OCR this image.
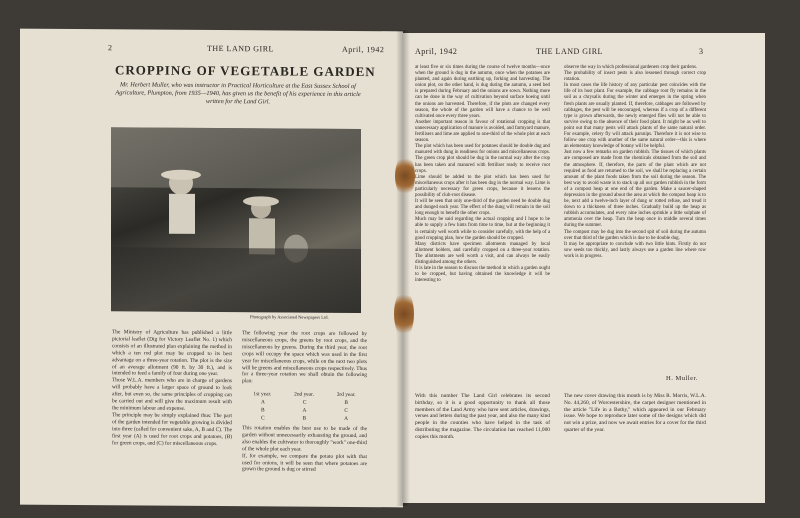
2	THE LAND GIRL	April, 1942
CROPPING OF VEGETABLE GARDEN
Mr. Herbert Muller, who was instructor in Practical Horticulture at the East Sussex School of Agriculture, Plumpton, from 1935—1940, has given us the benefit of his experience in this article written for the Land Girl.
Photograph by Associated Newspapers Ltd.
The Ministry of Agriculture has published a little pictorial leaflet (Dig for Victory Leaflet No. 1) which consists of an illustrated plan explaining the method in which a ten rod plot may be cropped to its best advantage on a three-year rotation. The plot is the size of an average allotment (90 ft. by 30 ft.), and is intended to feed a family of four during one year.
Those W.L.A. members who are in charge of gardens will probably have a larger space of ground to look after, but even so, the same principles of cropping can be carried out and will give the maximum result with the minimum labour and expense.
The principle may be simply explained thus: The part of the garden intended for vegetable growing is divided into three (called for convenient sake, A, B and C). The first year (A) is used for root crops and potatoes, (B) for green crops, and (C) for miscellaneous crops.
The following year the root crops are followed by miscellaneous crops, the greens by root crops, and the miscellaneous by greens. During the third year, the root crops will occupy the space which was used in the first year for miscellaneous crops, while on the next two plots will be greens and miscellaneous crops respectively. Thus for a three-year rotation we shall obtain the following plan:
1st year.	2nd year.	3rd year.
A	C	B
B	A	C
C	B	A
This rotation enables the best use to be made of the garden without unnecessarily exhausting the ground, and also enables the cultivator to thoroughly "work" one-third of the whole plot each year.
If, for example, we compare the potato plot with that used for onions, it will be seen that where potatoes are grown the ground is dug or stirred
April, 1942	THE LAND GIRL	3
at least five or six times during the course of twelve months—once when the ground is dug in the autumn, once when the potatoes are planted, and again during earthing up, forking and harvesting. The onion plot, on the other hand, is dug during the autumn, a seed bed is prepared during February and the onions are sown. Nothing more can be done in the way of cultivation beyond surface hoeing until the onions are harvested. Therefore, if the plots are changed every season, the whole of the garden will have a chance to be well cultivated once every three years.
Another important reason in favour of rotational cropping is that unnecessary application of manure is avoided, and farmyard manure, fertilisers and lime are applied to one-third of the whole plot at each season.
The plot which has been used for potatoes should be double dug and manured with dung in readiness for onions and miscellaneous crops. The green crop plot should be dug in the normal way after the crop has been taken and manured with fertiliser ready to receive root crops.
Lime should be added to the plot which has been used for miscellaneous crops after it has been dug in the normal way. Lime is particularly necessary for green crops, because it lessens the possibility of club-root disease.
It will be seen that only one-third of the garden need be double dug and dunged each year. The effect of the dung will remain in the soil long enough to benefit the other crops.
Much may be said regarding the actual cropping and I hope to be able to supply a few hints from time to time, but at the beginning it is certainly well worth while to consider carefully, with the help of a good cropping plan, how the garden should be cropped.
Many districts have specimen allotments managed by local allotment holders, and carefully cropped on a three-year rotation. The allotments are well worth a visit, and can always be easily distinguished among the others.
It is late in the season to discuss the method in which a garden ought to be cropped, but having obtained the knowledge it will be interesting to
observe the way in which professional gardeners crop their gardens.
The probability of insect pests is also lessened through correct crop rotation.
In most cases the life history of any particular pest coincides with the life of its host plant. For example, the cabbage root fly remains in the soil as a chrysalis during the winter and emerges in the spring when fresh plants are usually planted. If, therefore, cabbages are followed by cabbages, the pest will be encouraged, whereas if a crop of a different type is grown afterwards, the newly emerged flies will not be able to survive owing to the absence of their food plant. It might be as well to point out that many pests will attack plants of the same natural order. For example, celery fly will attack parsnips. Therefore it is not wise to follow one crop with another of the same natural order—this is where an elementary knowledge of botany will be helpful.
Just now a few remarks on garden rubbish. The tissues of which plants are composed are made from the chemicals obtained from the soil and the atmosphere. If, therefore, the parts of the plant which are not required as food are returned to the soil, we shall be replacing a certain amount of the plant foods taken from the soil during the season. The best way to avoid waste is to stack up all our garden rubbish in the form of a compost heap at one end of the garden. Make a saucer-shaped depression in the ground about the area at which the compost heap is to be, next add a twelve-inch layer of dung or rotted refuse, and tread it down to a thickness of three inches. Gradually build up the heap as rubbish accumulates, and every nine inches sprinkle a little sulphate of ammonia over the heap. Turn the heap once in middle several times during the summer.
The compost may be dug into the second spit of soil during the autumn over that third of the garden which is due to be double dug.
It may be appropriate to conclude with two little hints. Firstly do not sow seeds too thickly, and lastly always use a garden line where row work is in progress.
H. Muller.
With this number The Land Girl celebrates its second birthday, so it is a good opportunity to thank all those members of the Land Army who have sent articles, drawings, verses and letters during the past year, and also the many kind people in the counties who have helped in the task of distributing the magazine. The circulation has reached 11,000 copies this month.
The new cover drawing this month is by Miss R. Morris, W.L.A. No. 44,260, of Worcestershire, the carpet designer mentioned in the article "Life in a Bothy," which appeared in our February issue. We hope to reproduce later some of the designs which did not win a prize, and now we await entries for a cover for the third quarter of the year.
